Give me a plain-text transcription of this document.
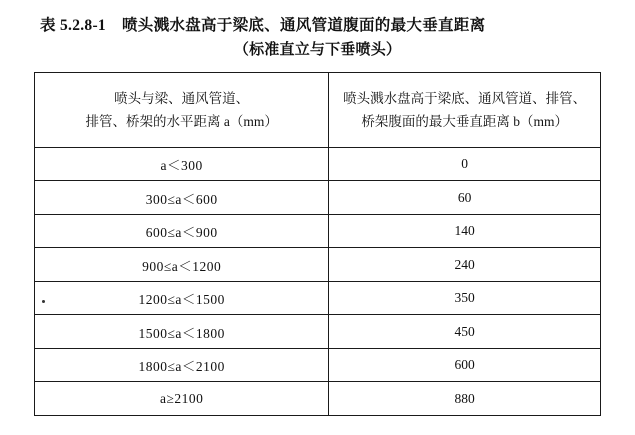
表 5.2.8-1 喷头溅水盘高于梁底、通风管道腹面的最大垂直距离
（标准直立与下垂喷头）
喷头与梁、通风管道、
排管、桥架的水平距离 a（mm）	喷头溅水盘高于梁底、通风管道、排管、
桥架腹面的最大垂直距离 b（mm）

a＜300	0
300≤a＜600	60
600≤a＜900	140
900≤a＜1200	240
1200≤a＜1500	350
1500≤a＜1800	450
1800≤a＜2100	600
a≥2100	880
